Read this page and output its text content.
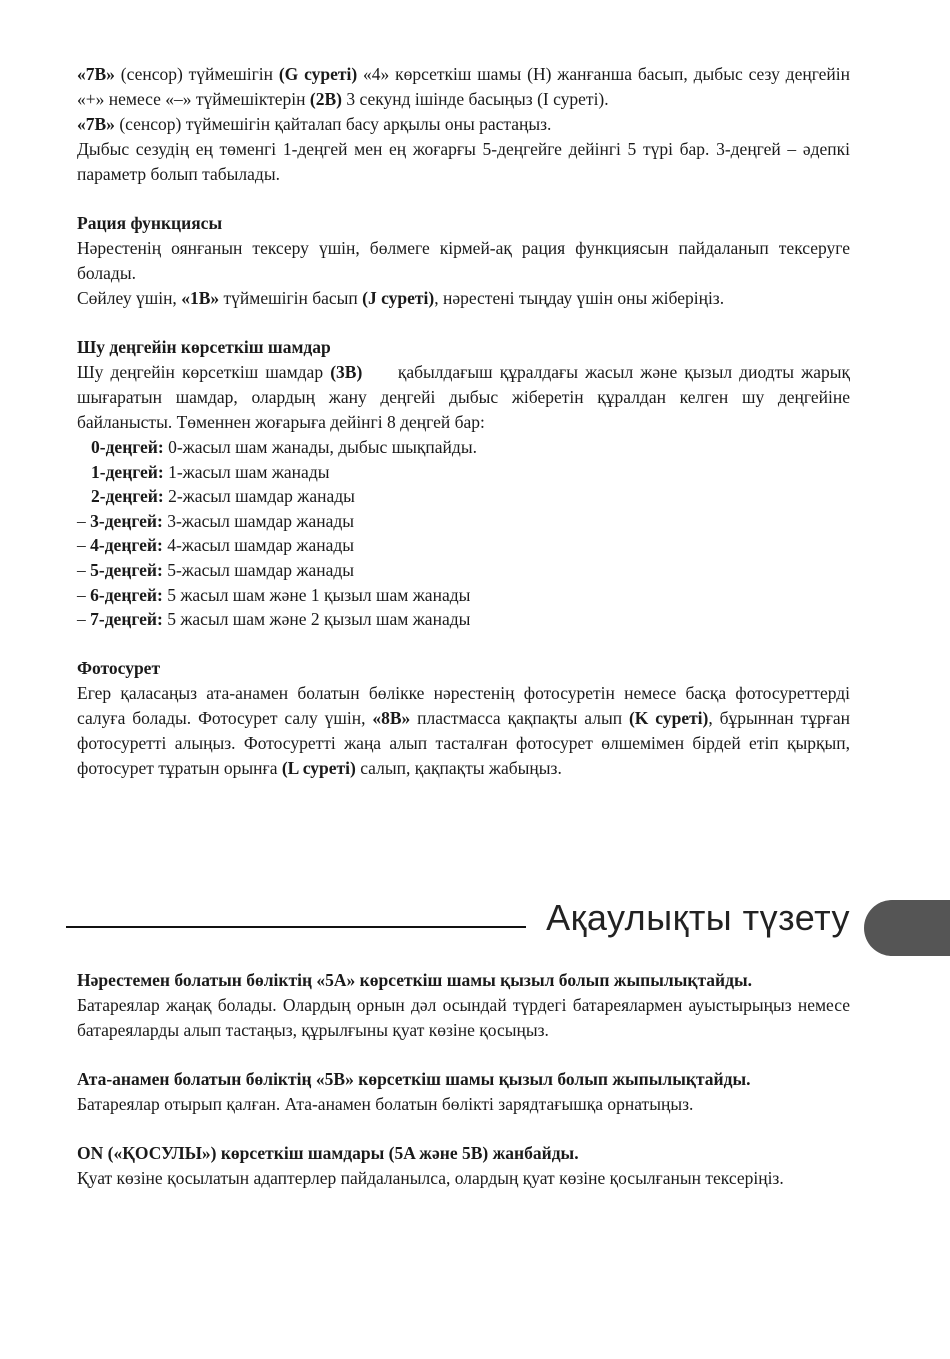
«7B» (сенсор) түймешігін (G суреті) «4» көрсеткіш шамы (H) жанғанша басып, дыбыс сезу деңгейін «+» немесе «–» түймешіктерін (2B) 3 секунд ішінде басыңыз (I суреті).

«7B» (сенсор) түймешігін қайталап басу арқылы оны растаңыз.

Дыбыс сезудің ең төменгі 1-деңгей мен ең жоғарғы 5-деңгейге дейінгі 5 түрі бар. 3-деңгей – әдепкі параметр болып табылады.

Рация функциясы

Нәрестенің оянғанын тексеру үшін, бөлмеге кірмей-ақ рация функциясын пайдаланып тексеруге болады.

Сөйлеу үшін, «1B» түймешігін басып (J суреті), нәрестені тыңдау үшін оны жіберіңіз.

Шу деңгейін көрсеткіш шамдар

Шу деңгейін көрсеткіш шамдар (3B)     қабылдағыш құралдағы жасыл және қызыл диодты жарық шығаратын шамдар, олардың жану деңгейі дыбыс жіберетін құралдан келген шу деңгейіне байланысты. Төменнен жоғарыға дейінгі 8 деңгей бар:

0-деңгей: 0-жасыл шам жанады, дыбыс шықпайды.

1-деңгей: 1-жасыл шам жанады

2-деңгей: 2-жасыл шамдар жанады

– 3-деңгей: 3-жасыл шамдар жанады

– 4-деңгей: 4-жасыл шамдар жанады

– 5-деңгей: 5-жасыл шамдар жанады

– 6-деңгей: 5 жасыл шам және 1 қызыл шам жанады

– 7-деңгей: 5 жасыл шам және 2 қызыл шам жанады

Фотосурет

Егер қаласаңыз ата-анамен болатын бөлікке нәрестенің фотосуретін немесе басқа фотосуреттерді салуға болады. Фотосурет салу үшін, «8B» пластмасса қақпақты алып (K суреті), бұрыннан тұрған фотосуретті алыңыз. Фотосуретті жаңа алып тасталған фотосурет өлшемімен бірдей етіп қырқып, фотосурет тұратын орынға (L суреті) салып, қақпақты жабыңыз.

Ақаулықты түзету

Нәрестемен болатын бөліктің «5A» көрсеткіш шамы қызыл болып жыпылықтайды.

Батареялар жаңақ болады. Олардың орнын дәл осындай түрдегі батареялармен ауыстырыңыз немесе батареяларды алып тастаңыз, құрылғыны қуат көзіне қосыңыз.

Ата-анамен болатын бөліктің «5B» көрсеткіш шамы қызыл болып жыпылықтайды.

Батареялар отырып қалған. Ата-анамен болатын бөлікті зарядтағышқа орнатыңыз.

ON («ҚОСУЛЫ») көрсеткіш шамдары (5A және 5B) жанбайды.

Қуат көзіне қосылатын адаптерлер пайдаланылса, олардың қуат көзіне қосылғанын тексеріңіз.
